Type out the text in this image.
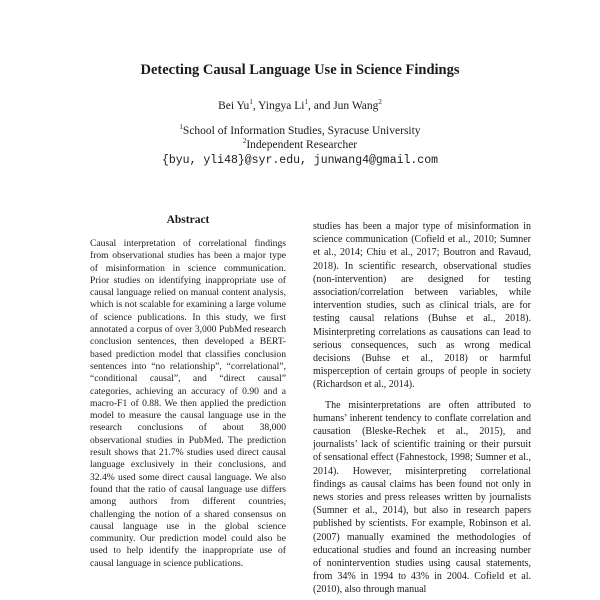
Detecting Causal Language Use in Science Findings
Bei Yu$^1$, Yingya Li$^1$, and Jun Wang$^2$
$^1$School of Information Studies, Syracuse University
$^2$Independent Researcher
{byu, yli48}@syr.edu, junwang4@gmail.com
Abstract

Causal interpretation of correlational findings from observational studies has been a major type of misinformation in science communication. Prior studies on identifying inappropriate use of causal language relied on manual content analysis, which is not scalable for examining a large volume of science publications. In this study, we first annotated a corpus of over 3,000 PubMed research conclusion sentences, then developed a BERT-based prediction model that classifies conclusion sentences into “no relationship”, “correlational”, “conditional causal”, and “direct causal” categories, achieving an accuracy of 0.90 and a macro-F1 of 0.88. We then applied the prediction model to measure the causal language use in the research conclusions of about 38,000 observational studies in PubMed. The prediction result shows that 21.7% studies used direct causal language exclusively in their conclusions, and 32.4% used some direct causal language. We also found that the ratio of causal language use differs among authors from different countries, challenging the notion of a shared consensus on causal language use in the global science community. Our prediction model could also be used to help identify the inappropriate use of causal language in science publications.

studies has been a major type of misinformation in science communication (Cofield et al., 2010; Sumner et al., 2014; Chiu et al., 2017; Boutron and Ravaud, 2018). In scientific research, observational studies (non-intervention) are designed for testing association/correlation between variables, while intervention studies, such as clinical trials, are for testing causal relations (Buhse et al., 2018). Misinterpreting correlations as causations can lead to serious consequences, such as wrong medical decisions (Buhse et al., 2018) or harmful misperception of certain groups of people in society (Richardson et al., 2014).

The misinterpretations are often attributed to humans’ inherent tendency to conflate correlation and causation (Bleske-Rechek et al., 2015), and journalists’ lack of scientific training or their pursuit of sensational effect (Fahnestock, 1998; Sumner et al., 2014). However, misinterpreting correlational findings as causal claims has been found not only in news stories and press releases written by journalists (Sumner et al., 2014), but also in research papers published by scientists. For example, Robinson et al. (2007) manually examined the methodologies of educational studies and found an increasing number of nonintervention studies using causal statements, from 34% in 1994 to 43% in 2004. Cofield et al. (2010), also through manual
